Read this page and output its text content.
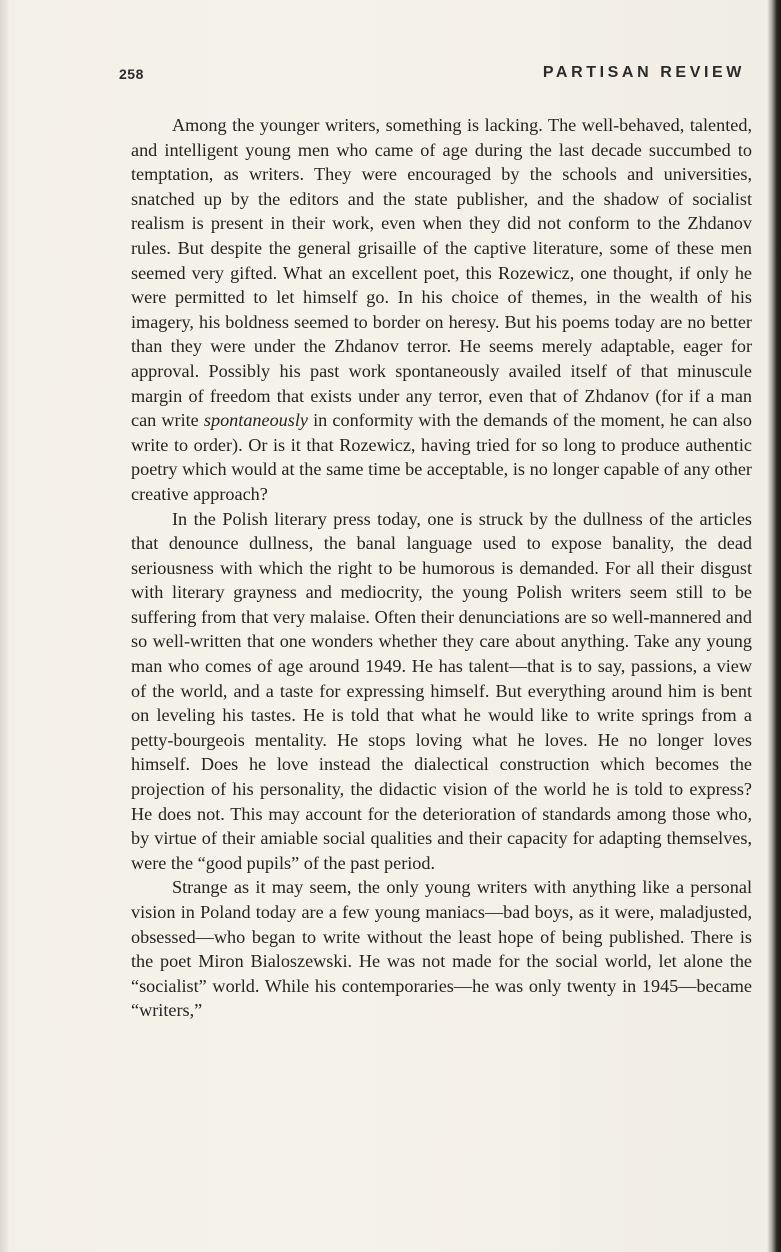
258	PARTISAN REVIEW

Among the younger writers, something is lacking. The well-behaved, talented, and intelligent young men who came of age during the last decade succumbed to temptation, as writers. They were encouraged by the schools and universities, snatched up by the editors and the state publisher, and the shadow of socialist realism is present in their work, even when they did not conform to the Zhdanov rules. But despite the general grisaille of the captive literature, some of these men seemed very gifted. What an excellent poet, this Rozewicz, one thought, if only he were permitted to let himself go. In his choice of themes, in the wealth of his imagery, his boldness seemed to border on heresy. But his poems today are no better than they were under the Zhdanov terror. He seems merely adaptable, eager for approval. Possibly his past work spontaneously availed itself of that minuscule margin of freedom that exists under any terror, even that of Zhdanov (for if a man can write spontaneously in conformity with the demands of the moment, he can also write to order). Or is it that Rozewicz, having tried for so long to produce authentic poetry which would at the same time be acceptable, is no longer capable of any other creative approach?

In the Polish literary press today, one is struck by the dullness of the articles that denounce dullness, the banal language used to expose banality, the dead seriousness with which the right to be humorous is demanded. For all their disgust with literary grayness and mediocrity, the young Polish writers seem still to be suffering from that very malaise. Often their denunciations are so well-mannered and so well-written that one wonders whether they care about anything. Take any young man who comes of age around 1949. He has talent—that is to say, passions, a view of the world, and a taste for expressing himself. But everything around him is bent on leveling his tastes. He is told that what he would like to write springs from a petty-bourgeois mentality. He stops loving what he loves. He no longer loves himself. Does he love instead the dialectical construction which becomes the projection of his personality, the didactic vision of the world he is told to express? He does not. This may account for the deterioration of standards among those who, by virtue of their amiable social qualities and their capacity for adapting themselves, were the “good pupils” of the past period.

Strange as it may seem, the only young writers with anything like a personal vision in Poland today are a few young maniacs—bad boys, as it were, maladjusted, obsessed—who began to write without the least hope of being published. There is the poet Miron Bialoszewski. He was not made for the social world, let alone the “socialist” world. While his contemporaries—he was only twenty in 1945—became “writers,”
